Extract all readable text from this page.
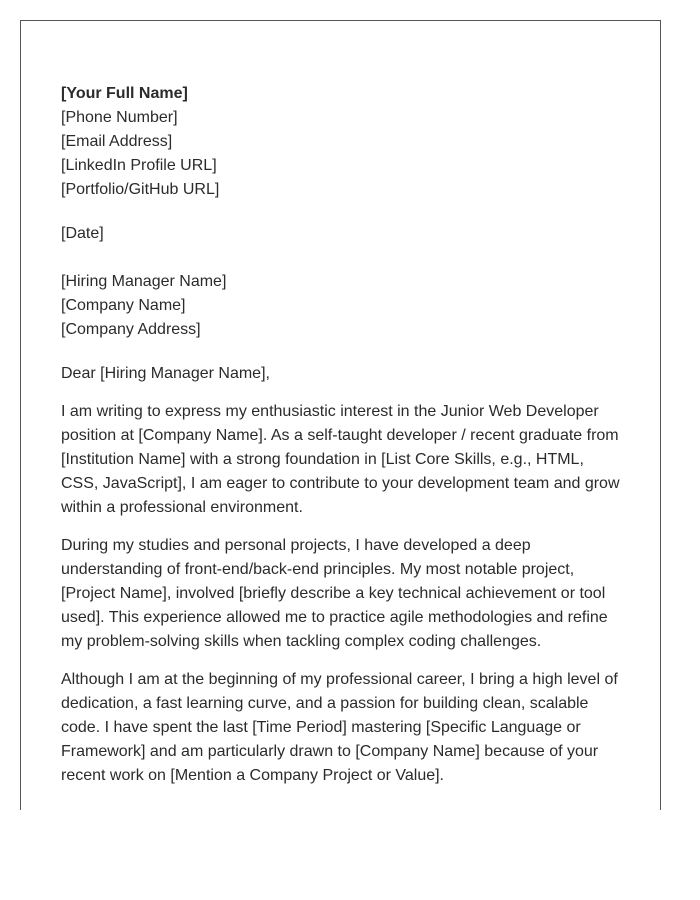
[Your Full Name]
[Phone Number]
[Email Address]
[LinkedIn Profile URL]
[Portfolio/GitHub URL]
[Date]
[Hiring Manager Name]
[Company Name]
[Company Address]
Dear [Hiring Manager Name],
I am writing to express my enthusiastic interest in the Junior Web Developer
position at [Company Name]. As a self-taught developer / recent graduate from
[Institution Name] with a strong foundation in [List Core Skills, e.g., HTML,
CSS, JavaScript], I am eager to contribute to your development team and grow
within a professional environment.
During my studies and personal projects, I have developed a deep
understanding of front-end/back-end principles. My most notable project,
[Project Name], involved [briefly describe a key technical achievement or tool
used]. This experience allowed me to practice agile methodologies and refine
my problem-solving skills when tackling complex coding challenges.
Although I am at the beginning of my professional career, I bring a high level of
dedication, a fast learning curve, and a passion for building clean, scalable
code. I have spent the last [Time Period] mastering [Specific Language or
Framework] and am particularly drawn to [Company Name] because of your
recent work on [Mention a Company Project or Value].
